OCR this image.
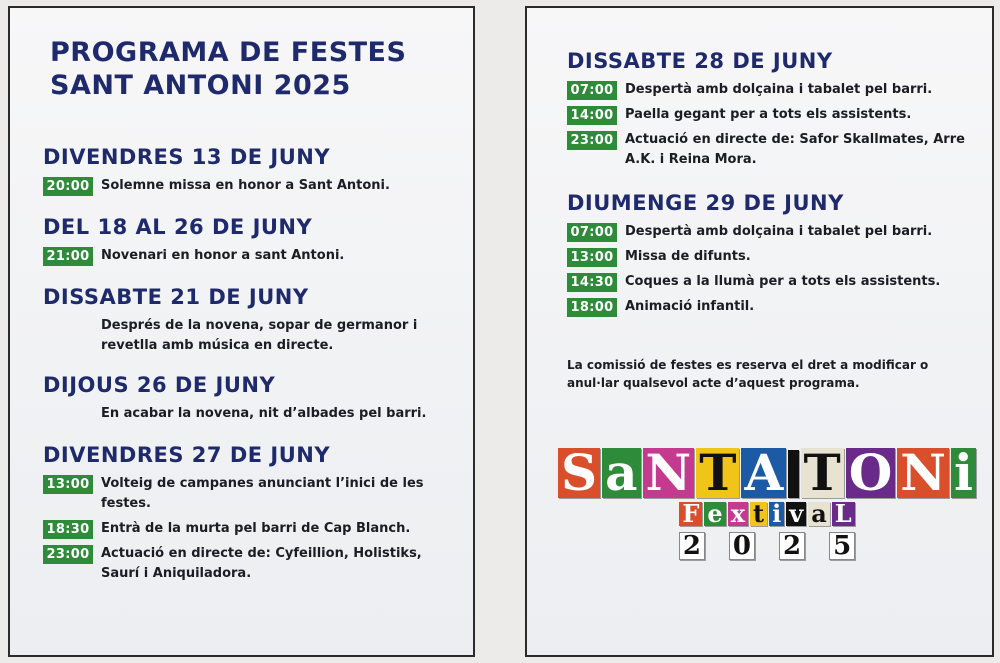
PROGRAMA DE FESTES
SANT ANTONI 2025
DIVENDRES 13 DE JUNY
20:00 Solemne missa en honor a Sant Antoni.
DEL 18 AL 26 DE JUNY
21:00 Novenari en honor a sant Antoni.
DISSABTE 21 DE JUNY
Després de la novena, sopar de germanor i revetlla amb música en directe.
DIJOUS 26 DE JUNY
En acabar la novena, nit d’albades pel barri.
DIVENDRES 27 DE JUNY
13:00 Volteig de campanes anunciant l’inici de les festes.
18:30 Entrà de la murta pel barri de Cap Blanch.
23:00 Actuació en directe de: Cyfeillion, Holistiks, Saurí i Aniquiladora.
DISSABTE 28 DE JUNY
07:00 Despertà amb dolçaina i tabalet pel barri.
14:00 Paella gegant per a tots els assistents.
23:00 Actuació en directe de: Safor Skallmates, Arre A.K. i Reina Mora.
DIUMENGE 29 DE JUNY
07:00 Despertà amb dolçaina i tabalet pel barri.
13:00 Missa de difunts.
14:30 Coques a la llumà per a tots els assistents.
18:00 Animació infantil.
La comissió de festes es reserva el dret a modificar o anul·lar qualsevol acte d’aquest programa.
S a N T A T O N i
F e x t i v a L
2 0 2 5
